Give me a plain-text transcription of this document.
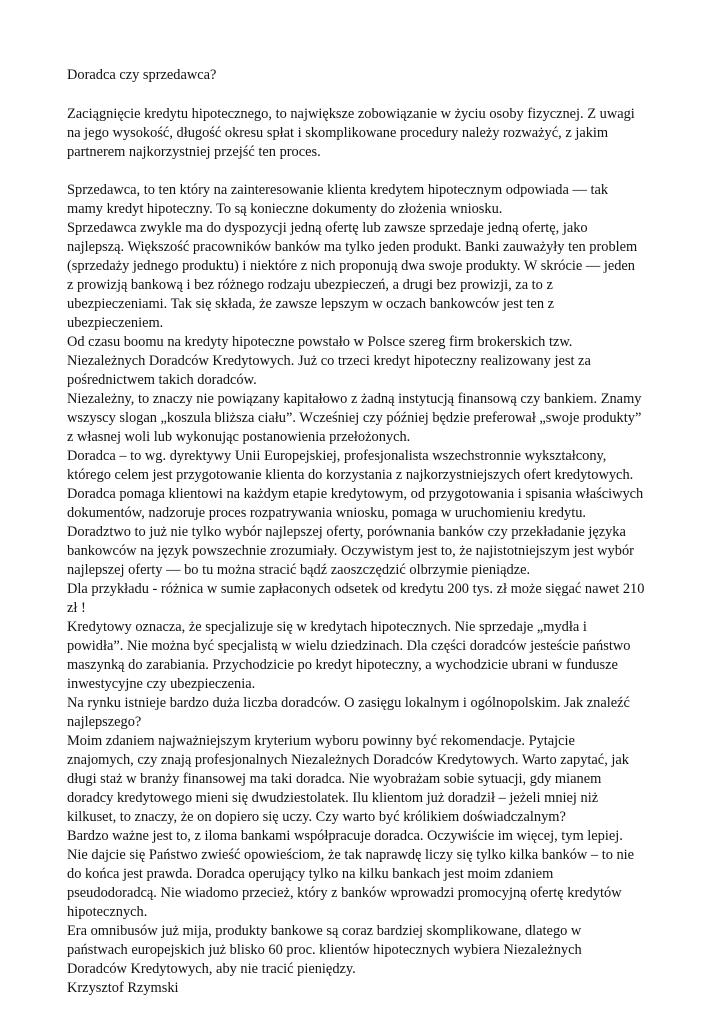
Doradca czy sprzedawca?
Zaciągnięcie kredytu hipotecznego, to największe zobowiązanie w życiu osoby fizycznej. Z uwagi
na jego wysokość, długość okresu spłat i skomplikowane procedury należy rozważyć, z jakim
partnerem najkorzystniej przejść ten proces.
Sprzedawca, to ten który na zainteresowanie klienta kredytem hipotecznym odpowiada — tak
mamy kredyt hipoteczny. To są konieczne dokumenty do złożenia wniosku.
Sprzedawca zwykle ma do dyspozycji jedną ofertę lub zawsze sprzedaje jedną ofertę, jako
najlepszą. Większość pracowników banków ma tylko jeden produkt. Banki zauważyły ten problem
(sprzedaży jednego produktu) i niektóre z nich proponują dwa swoje produkty. W skrócie — jeden
z prowizją bankową i bez różnego rodzaju ubezpieczeń, a drugi bez prowizji, za to z
ubezpieczeniami. Tak się składa, że zawsze lepszym w oczach bankowców jest ten z
ubezpieczeniem.
Od czasu boomu na kredyty hipoteczne powstało w Polsce szereg firm brokerskich tzw.
Niezależnych Doradców Kredytowych. Już co trzeci kredyt hipoteczny realizowany jest za
pośrednictwem takich doradców.
Niezależny, to znaczy nie powiązany kapitałowo z żadną instytucją finansową czy bankiem. Znamy
wszyscy slogan „koszula bliższa ciału”. Wcześniej czy później będzie preferował „swoje produkty”
z własnej woli lub wykonując postanowienia przełożonych.
Doradca – to wg. dyrektywy Unii Europejskiej, profesjonalista wszechstronnie wykształcony,
którego celem jest przygotowanie klienta do korzystania z najkorzystniejszych ofert kredytowych.
Doradca pomaga klientowi na każdym etapie kredytowym, od przygotowania i spisania właściwych
dokumentów, nadzoruje proces rozpatrywania wniosku, pomaga w uruchomieniu kredytu.
Doradztwo to już nie tylko wybór najlepszej oferty, porównania banków czy przekładanie języka
bankowców na język powszechnie zrozumiały. Oczywistym jest to, że najistotniejszym jest wybór
najlepszej oferty — bo tu można stracić bądź zaoszczędzić olbrzymie pieniądze.
Dla przykładu - różnica w sumie zapłaconych odsetek od kredytu 200 tys. zł może sięgać nawet 210
zł !
Kredytowy oznacza, że specjalizuje się w kredytach hipotecznych. Nie sprzedaje „mydła i
powidła”. Nie można być specjalistą w wielu dziedzinach. Dla części doradców jesteście państwo
maszynką do zarabiania. Przychodzicie po kredyt hipoteczny, a wychodzicie ubrani w fundusze
inwestycyjne czy ubezpieczenia.
Na rynku istnieje bardzo duża liczba doradców. O zasięgu lokalnym i ogólnopolskim. Jak znaleźć
najlepszego?
Moim zdaniem najważniejszym kryterium wyboru powinny być rekomendacje. Pytajcie
znajomych, czy znają profesjonalnych Niezależnych Doradców Kredytowych. Warto zapytać, jak
długi staż w branży finansowej ma taki doradca. Nie wyobrażam sobie sytuacji, gdy mianem
doradcy kredytowego mieni się dwudziestolatek. Ilu klientom już doradził – jeżeli mniej niż
kilkuset, to znaczy, że on dopiero się uczy. Czy warto być królikiem doświadczalnym?
Bardzo ważne jest to, z iloma bankami współpracuje doradca. Oczywiście im więcej, tym lepiej.
Nie dajcie się Państwo zwieść opowieściom, że tak naprawdę liczy się tylko kilka banków – to nie
do końca jest prawda. Doradca operujący tylko na kilku bankach jest moim zdaniem
pseudodoradcą. Nie wiadomo przecież, który z banków wprowadzi promocyjną ofertę kredytów
hipotecznych.
Era omnibusów już mija, produkty bankowe są coraz bardziej skomplikowane, dlatego w
państwach europejskich już blisko 60 proc. klientów hipotecznych wybiera Niezależnych
Doradców Kredytowych, aby nie tracić pieniędzy.
Krzysztof Rzymski
